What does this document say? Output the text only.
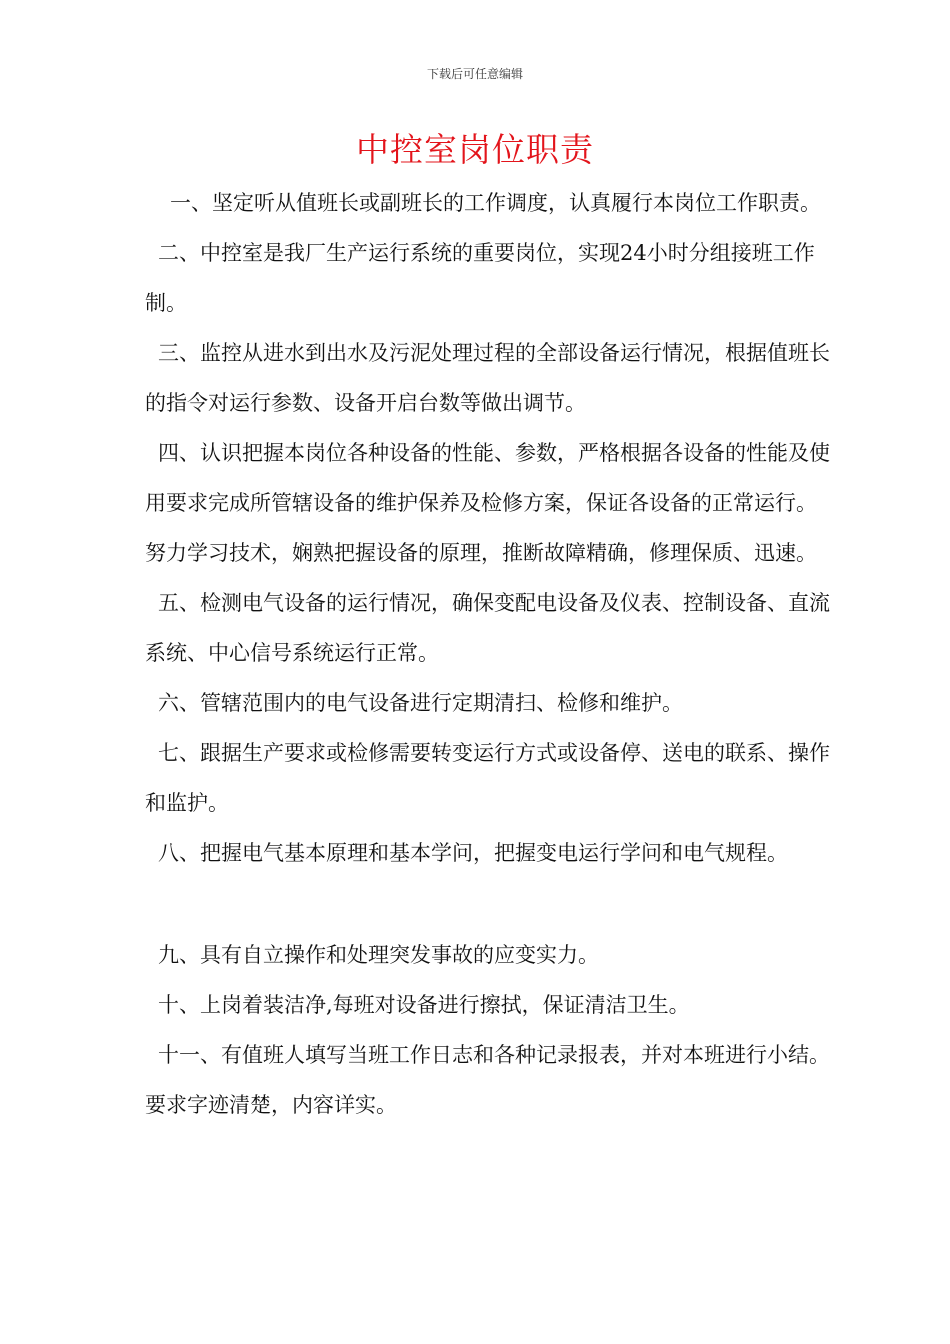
下载后可任意编辑
中控室岗位职责

一、坚定听从值班长或副班长的工作调度，认真履行本岗位工作职责。

二、中控室是我厂生产运行系统的重要岗位，实现24小时分组接班工作制。

三、监控从进水到出水及污泥处理过程的全部设备运行情况，根据值班长的指令对运行参数、设备开启台数等做出调节。

四、认识把握本岗位各种设备的性能、参数，严格根据各设备的性能及使用要求完成所管辖设备的维护保养及检修方案，保证各设备的正常运行。努力学习技术，娴熟把握设备的原理，推断故障精确，修理保质、迅速。

五、检测电气设备的运行情况，确保变配电设备及仪表、控制设备、直流系统、中心信号系统运行正常。

六、管辖范围内的电气设备进行定期清扫、检修和维护。

七、跟据生产要求或检修需要转变运行方式或设备停、送电的联系、操作和监护。

八、把握电气基本原理和基本学问，把握变电运行学问和电气规程。

九、具有自立操作和处理突发事故的应变实力。

十、上岗着装洁净,每班对设备进行擦拭，保证清洁卫生。

十一、有值班人填写当班工作日志和各种记录报表，并对本班进行小结。要求字迹清楚，内容详实。
